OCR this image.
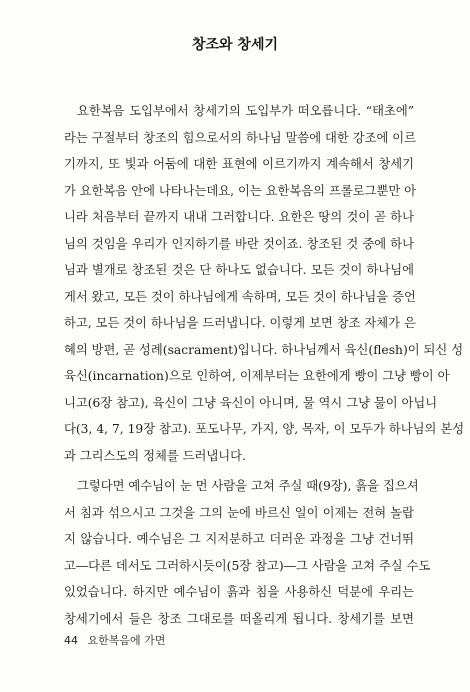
창조와 창세기
요한복음 도입부에서 창세기의 도입부가 떠오릅니다. “태초에”
라는 구절부터 창조의 힘으로서의 하나님 말씀에 대한 강조에 이르
기까지, 또 빛과 어둠에 대한 표현에 이르기까지 계속해서 창세기
가 요한복음 안에 나타나는데요, 이는 요한복음의 프롤로그뿐만 아
니라 처음부터 끝까지 내내 그러합니다. 요한은 땅의 것이 곧 하나
님의 것임을 우리가 인지하기를 바란 것이죠. 창조된 것 중에 하나
님과 별개로 창조된 것은 단 하나도 없습니다. 모든 것이 하나님에
게서 왔고, 모든 것이 하나님에게 속하며, 모든 것이 하나님을 증언
하고, 모든 것이 하나님을 드러냅니다. 이렇게 보면 창조 자체가 은
혜의 방편, 곧 성례(sacrament)입니다. 하나님께서 육신(flesh)이 되신 성
육신(incarnation)으로 인하여, 이제부터는 요한에게 빵이 그냥 빵이 아
니고(6장 참고), 육신이 그냥 육신이 아니며, 물 역시 그냥 물이 아닙니
다(3, 4, 7, 19장 참고). 포도나무, 가지, 양, 목자, 이 모두가 하나님의 본성
과 그리스도의 정체를 드러냅니다.
그렇다면 예수님이 눈 먼 사람을 고쳐 주실 때(9장), 흙을 집으셔
서 침과 섞으시고 그것을 그의 눈에 바르신 일이 이제는 전혀 놀랍
지 않습니다. 예수님은 그 지저분하고 더러운 과정을 그냥 건너뛰
고―다른 데서도 그러하시듯이(5장 참고)―그 사람을 고쳐 주실 수도
있었습니다. 하지만 예수님이 흙과 침을 사용하신 덕분에 우리는
창세기에서 들은 창조 그대로를 떠올리게 됩니다. 창세기를 보면
44 요한복음에 가면
